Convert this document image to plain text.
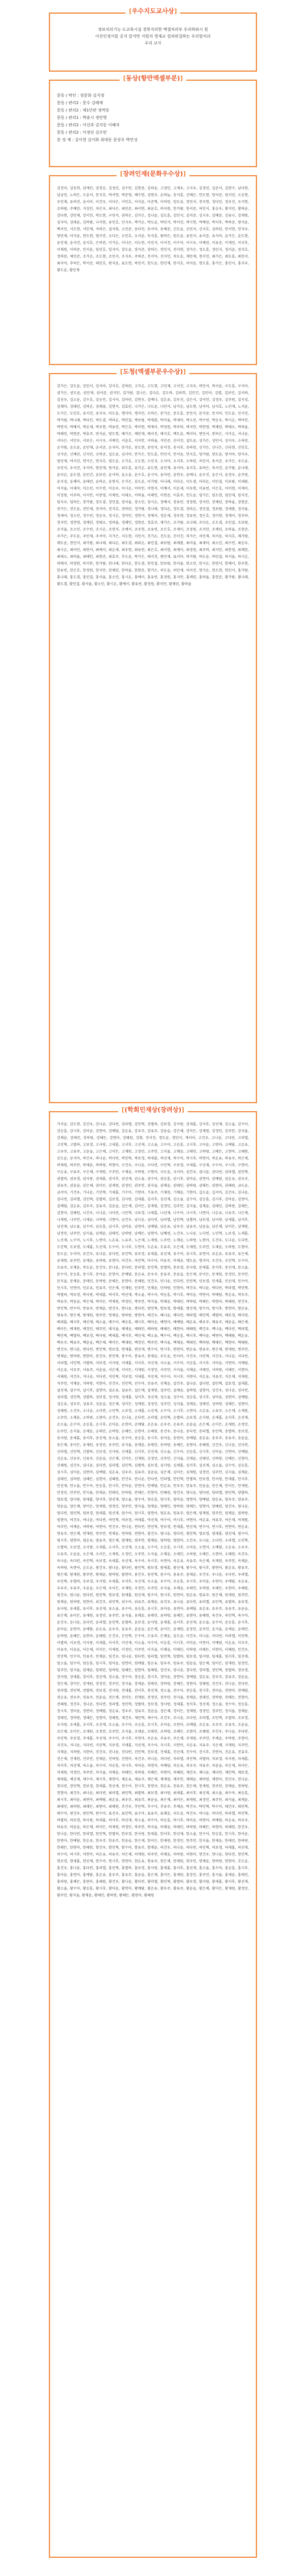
[우수지도교사상]
정보처리기능 도교육시설 경북지리한 엑셀처리부 우리하와시 원
이션인정서를 공지 앞지만 지원자 영재교 컬쳐편집하는 우리할처리
우리 교사
[동상(항만엑셀부분)]
문동 / 막인 : 정문화 김지정
문동 / 관리2 : 문수 김해재
문동 / 관리2 : 제1단판 정먹동
문동 / 관리1 : 박솔시 정민명
문동 / 관리2 : 이선과 김지동 이혜자
문동 / 관리2 : 이정린 김수민
문 정 제 : 김이현 김이화 최대동 문상우 박민성
[장려인재(문화우수상)]
김진아, 김동희, 권재민, 권정승, 김성민, 김수빈, 김현중, 김하윤, 고정민, 고재우, 고지우, 김정민, 김준서, 김현수, 남다현, 남궁민, 노하은, 도윤서, 문지호, 박서연, 박준영, 배수현, 성현우, 손하늘, 송지훈, 신예은, 안도현, 양서준, 엄지민, 오승현, 우민재, 유하진, 윤서아, 이건우, 이다은, 이민호, 이서윤, 이준혁, 이하린, 임도윤, 장민서, 전지현, 정다인, 정우진, 조서현, 조하람, 주예린, 지성민, 차은우, 최다은, 최민준, 최서연, 최윤호, 하지원, 한가람, 한서준, 허민지, 홍승우, 황지민, 황하윤, 강다현, 강민재, 강서진, 곽도현, 구민서, 권하은, 김가은, 김나윤, 김도훈, 김민지, 김서준, 김시우, 김예준, 김유나, 김재원, 김지아, 김태윤, 김하람, 나서현, 류민호, 민지우, 박가온, 박도윤, 박민서, 박서진, 박시현, 박예린, 박지후, 박하준, 방서윤, 백지민, 서도현, 서민재, 석하은, 설지원, 소민준, 송다인, 송서아, 송예준, 신도윤, 신민서, 신지호, 심하린, 안서현, 안지우, 양민재, 어지윤, 연도현, 염서진, 오다은, 오민호, 오서윤, 옥지훈, 왕하은, 원도윤, 유민서, 유서준, 유지아, 윤가은, 윤도현, 윤민재, 윤서진, 윤지호, 은하린, 이가온, 이나은, 이도현, 이민서, 이서진, 이수아, 이시우, 이예린, 이유준, 이재민, 이지후, 이채원, 이하준, 인서윤, 임민호, 임지아, 장도윤, 장서준, 장하은, 전민서, 전서현, 정가은, 정도훈, 정민지, 정서윤, 정지호, 정하린, 제민준, 조가온, 조도현, 조민서, 조지우, 주하준, 진서아, 진지민, 차도윤, 채민재, 천서진, 최가은, 최도훈, 최민서, 최지아, 추하은, 탁서준, 태민호, 편지윤, 표도현, 하민서, 한도윤, 한민재, 한지호, 허서윤, 현도훈, 홍가은, 홍민서, 홍지우, 황도윤, 황민재
[도청(엑셀부문우수상)]
강가은, 강도윤, 강민서, 강서아, 강지호, 강하린, 고가온, 고도현, 고민재, 고서진, 고지우, 곽민서, 곽서윤, 구도훈, 구지아, 권가은, 권도윤, 권민재, 권서준, 권지민, 김가람, 김나은, 김다온, 김도하, 김라희, 김민건, 김민아, 김별, 김보민, 김서하, 김선우, 김소윤, 김수호, 김승민, 김시아, 김아린, 김연우, 김예나, 김온유, 김우진, 김은서, 김이안, 김정우, 김주원, 김지성, 김채아, 김태린, 김하온, 김해솔, 김현서, 김효린, 나가은, 나도윤, 나민서, 남가온, 남도현, 남서아, 남지호, 노민재, 노서윤, 도가은, 도민호, 류서진, 류지우, 마도윤, 맹서아, 명지민, 모하은, 문가온, 문도훈, 문민서, 문서준, 문지아, 민도윤, 민서진, 박가람, 박나래, 박다인, 박도겸, 박라온, 박민결, 박보람, 박새봄, 박서율, 박세아, 박소민, 박수빈, 박승우, 박시온, 박아인, 박연서, 박예서, 박온새, 박우현, 박유빈, 박은호, 박이현, 박재이, 박정원, 박주하, 박지안, 박찬영, 박채린, 박태오, 박하율, 박해인, 박현준, 박효주, 반서윤, 방도현, 배가은, 배민재, 배서진, 배지호, 백도윤, 백서아, 변민서, 봉하은, 서가온, 서나윤, 서다은, 서민우, 서보은, 서시우, 서예진, 서윤호, 서지안, 서하율, 석민준, 선서진, 설도윤, 성가은, 성민서, 성지우, 소하린, 손가람, 손도윤, 손민재, 손서준, 손지아, 송가온, 송도현, 송민서, 송서진, 송지후, 송하린, 신가은, 신나은, 신다현, 신민호, 신서준, 신예린, 신지민, 신하준, 심도윤, 심서아, 안가은, 안도훈, 안민서, 안서윤, 안지호, 양가람, 양도윤, 양서아, 양지우, 엄민재, 여서진, 연가은, 연지호, 염도윤, 오가온, 오도현, 오민지, 오서아, 오지후, 오하린, 옥민서, 용서준, 우가은, 우도윤, 우민서, 우서진, 우지아, 원민재, 원서윤, 위도훈, 유가온, 유도현, 유민재, 유서아, 유지호, 유하은, 육서진, 윤가람, 윤나래, 윤다온, 윤도겸, 윤민건, 윤보민, 윤서하, 윤소윤, 윤수호, 윤시아, 윤아린, 윤연우, 윤예나, 윤우진, 윤은서, 윤정우, 윤주원, 윤지성, 윤채아, 윤태린, 윤하온, 윤현서, 은가은, 음도윤, 이가람, 이나래, 이다온, 이도겸, 이라온, 이민결, 이보람, 이새봄, 이서율, 이세아, 이소민, 이수빈, 이승우, 이시온, 이아인, 이연서, 이예서, 이온새, 이우현, 이유빈, 이은호, 이이현, 이재이, 이정원, 이주하, 이지안, 이찬영, 이채린, 이태오, 이하율, 이해인, 이현준, 이효주, 인도윤, 임가은, 임도현, 임민재, 임서진, 임지우, 임하은, 장가람, 장도겸, 장민결, 장서율, 장소민, 장시온, 장예서, 장유빈, 장정원, 장지안, 장채린, 장하율, 장현준, 전가은, 전도윤, 전민재, 전서아, 전지호, 전하린, 정가람, 정나래, 정다온, 정도겸, 정라온, 정민결, 정보람, 정새봄, 정서율, 정세아, 정소민, 정수빈, 정승우, 정시온, 정아인, 정연서, 정예서, 정온새, 정우현, 정유빈, 정은호, 정이현, 정재이, 정주하, 정지안, 정찬영, 정채린, 정태오, 정하율, 정해인, 정현준, 정효주, 제가은, 조가람, 조나래, 조다온, 조도겸, 조민결, 조보람, 조서율, 조소민, 조수빈, 조시온, 조연서, 조예서, 조우현, 조유빈, 조은호, 조재이, 조정원, 조지안, 조채린, 조하율, 조현준, 주가은, 주도윤, 주민재, 주서아, 지가은, 지도현, 지민서, 진가온, 진도윤, 진서진, 차가은, 차민재, 차서윤, 차지호, 채가람, 채도윤, 천민서, 최가람, 최나래, 최다온, 최도겸, 최라온, 최민결, 최보람, 최새봄, 최서율, 최세아, 최소민, 최수빈, 최승우, 최시온, 최아인, 최연서, 최예서, 최온새, 최우현, 최유빈, 최은호, 최이현, 최재이, 최정원, 최주하, 최지안, 최찬영, 최채린, 최태오, 최하율, 최해인, 최현준, 최효주, 추도윤, 탁가은, 태서진, 편민재, 표서아, 하가람, 하도윤, 하민결, 하서율, 하시온, 하예서, 하정원, 하지안, 한가람, 한나래, 한다온, 한도겸, 한민결, 한보람, 한서율, 한소민, 한시온, 한연서, 한예서, 한우현, 한유빈, 한은호, 한정원, 한지안, 한채린, 한하율, 한현준, 함가은, 허도윤, 허민재, 허서진, 현가온, 현도현, 현민서, 홍가람, 홍나래, 홍도겸, 홍민결, 홍서율, 홍소민, 홍시온, 홍예서, 홍유빈, 홍정원, 홍지안, 홍채린, 홍하율, 홍현준, 황가람, 황나래, 황도겸, 황민결, 황서율, 황소민, 황시온, 황예서, 황유빈, 황정원, 황지안, 황채린, 황하율
[(학회인재상(장려상)]
가서윤, 감도현, 강건우, 강나윤, 강다빈, 강라엘, 강민혁, 강별하, 강보경, 강사랑, 강새롬, 강서후, 강선재, 강소율, 강수아, 강승훈, 강시후, 강아윤, 강연아, 강예담, 강온유, 강우주, 강유주, 강윤슬, 강은채, 강이든, 강재원, 강정민, 강주안, 강지율, 강채윤, 강태민, 강하랑, 강해든, 강현아, 강혜원, 강휘, 견서진, 경도윤, 경민서, 계서아, 고건우, 고나윤, 고다빈, 고라엘, 고민혁, 고별하, 고보경, 고사랑, 고새롬, 고서후, 고선재, 고소율, 고수아, 고승훈, 고시후, 고아윤, 고연아, 고예담, 고온유, 고우주, 고유주, 고윤슬, 고은채, 고이든, 고재원, 고정민, 고주안, 고지율, 고채윤, 고태민, 고하랑, 고해든, 고현아, 고혜원, 공도윤, 공서아, 곽건우, 곽나윤, 곽다빈, 곽민혁, 곽보경, 곽새롬, 곽선재, 곽수아, 곽시후, 곽연아, 곽온유, 곽유주, 곽은채, 곽재원, 곽주안, 곽채윤, 곽하랑, 곽현아, 구건우, 구나윤, 구다빈, 구민혁, 구보경, 구새롬, 구선재, 구수아, 구시후, 구연아, 구온유, 구유주, 구은채, 구재원, 구주안, 구채윤, 구하랑, 구현아, 국도윤, 국서아, 권건우, 권나윤, 권다빈, 권라엘, 권민혁, 권별하, 권보경, 권사랑, 권새롬, 권서후, 권선재, 권소율, 권수아, 권승훈, 권시후, 권아윤, 권연아, 권예담, 권온유, 권우주, 권유주, 권윤슬, 권은채, 권이든, 권재원, 권정민, 권주안, 권지율, 권채윤, 권태민, 권하랑, 권해든, 권현아, 권혜원, 금도윤, 금서아, 기건우, 기나윤, 기민혁, 기새롬, 기수아, 기연아, 기유주, 기재원, 기채윤, 기현아, 길도윤, 길서아, 김건우, 김나윤, 김다빈, 김라엘, 김민혁, 김별하, 김보경, 김사랑, 김새롬, 김서후, 김선재, 김소율, 김수아, 김승훈, 김시후, 김아윤, 김연아, 김예담, 김온유, 김우주, 김유주, 김윤슬, 김은채, 김이든, 김재원, 김정민, 김주안, 김지율, 김채윤, 김태민, 김하랑, 김해든, 김현아, 김혜원, 나건우, 나나윤, 나다빈, 나민혁, 나보경, 나새롬, 나선재, 나수아, 나시후, 나연아, 나온유, 나유주, 나은채, 나재원, 나주안, 나채윤, 나하랑, 나현아, 남건우, 남나윤, 남다빈, 남라엘, 남민혁, 남별하, 남보경, 남사랑, 남새롬, 남서후, 남선재, 남소율, 남수아, 남승훈, 남시후, 남아윤, 남연아, 남예담, 남온유, 남우주, 남유주, 남윤슬, 남은채, 남이든, 남재원, 남정민, 남주안, 남지율, 남채윤, 남태민, 남하랑, 남해든, 남현아, 남혜원, 노건우, 노나윤, 노다빈, 노민혁, 노보경, 노새롬, 노선재, 노수아, 노시후, 노연아, 노온유, 노유주, 노은채, 노재원, 노주안, 노채윤, 노하랑, 노현아, 도건우, 도나윤, 도다빈, 도민혁, 도보경, 도새롬, 도선재, 도수아, 도시후, 도연아, 도온유, 도유주, 도은채, 도재원, 도주안, 도채윤, 도하랑, 도현아, 동도윤, 두서아, 류건우, 류나윤, 류다빈, 류민혁, 류보경, 류새롬, 류선재, 류수아, 류시후, 류연아, 류온유, 류유주, 류은채, 류재원, 류주안, 류채윤, 류하랑, 류현아, 마건우, 마민혁, 마수아, 마유주, 마채윤, 맹도윤, 명서아, 모건우, 모민혁, 모수아, 모유주, 모채윤, 목도윤, 문건우, 문나윤, 문다빈, 문라엘, 문민혁, 문별하, 문보경, 문사랑, 문새롬, 문서후, 문선재, 문소율, 문수아, 문승훈, 문시후, 문아윤, 문연아, 문예담, 문온유, 문우주, 문유주, 문윤슬, 문은채, 문이든, 문재원, 문정민, 문주안, 문지율, 문채윤, 문태민, 문하랑, 문해든, 문현아, 문혜원, 민건우, 민나윤, 민다빈, 민민혁, 민보경, 민새롬, 민선재, 민수아, 민시후, 민연아, 민온유, 민유주, 민은채, 민재원, 민주안, 민채윤, 민하랑, 민현아, 박건우, 박나윤, 박다빈, 박라엘, 박민혁, 박별하, 박보경, 박사랑, 박새롬, 박서후, 박선재, 박소율, 박수아, 박승훈, 박시후, 박아윤, 박연아, 박예담, 박온유, 박우주, 박유주, 박윤슬, 박은채, 박이든, 박재원, 박정민, 박주안, 박지율, 박채윤, 박태민, 박하랑, 박해든, 박현아, 박혜원, 반건우, 반민혁, 반수아, 반유주, 반채윤, 방건우, 방나윤, 방다빈, 방민혁, 방보경, 방새롬, 방선재, 방수아, 방시후, 방연아, 방온유, 방유주, 방은채, 방재원, 방주안, 방채윤, 방하랑, 방현아, 배건우, 배나윤, 배다빈, 배라엘, 배민혁, 배별하, 배보경, 배사랑, 배새롬, 배서후, 배선재, 배소율, 배수아, 배승훈, 배시후, 배아윤, 배연아, 배예담, 배온유, 배우주, 배유주, 배윤슬, 배은채, 배이든, 배재원, 배정민, 배주안, 배지율, 배채윤, 배태민, 배하랑, 배해든, 배현아, 배혜원, 백건우, 백나윤, 백다빈, 백라엘, 백민혁, 백별하, 백보경, 백사랑, 백새롬, 백서후, 백선재, 백소율, 백수아, 백승훈, 백시후, 백아윤, 백연아, 백예담, 백온유, 백우주, 백유주, 백윤슬, 백은채, 백이든, 백재원, 백정민, 백주안, 백지율, 백채윤, 백태민, 백하랑, 백해든, 백현아, 백혜원, 변건우, 변나윤, 변다빈, 변민혁, 변보경, 변새롬, 변선재, 변수아, 변시후, 변연아, 변온유, 변유주, 변은채, 변재원, 변주안, 변채윤, 변하랑, 변현아, 봉건우, 봉민혁, 봉수아, 봉유주, 봉채윤, 부도윤, 빈서아, 사건우, 사민혁, 서건우, 서나윤, 서다빈, 서라엘, 서민혁, 서별하, 서보경, 서사랑, 서새롬, 서서후, 서선재, 서소율, 서수아, 서승훈, 서시후, 서아윤, 서연아, 서예담, 서온유, 서우주, 서유주, 서윤슬, 서은채, 서이든, 서재원, 서정민, 서주안, 서지율, 서채윤, 서태민, 서하랑, 서해든, 서현아, 서혜원, 석건우, 석나윤, 석다빈, 석민혁, 석보경, 석새롬, 석선재, 석수아, 석시후, 석연아, 석온유, 석유주, 석은채, 석재원, 석주안, 석채윤, 석하랑, 석현아, 선건우, 선민혁, 선수아, 선유주, 선채윤, 설건우, 설나윤, 설다빈, 설민혁, 설보경, 설새롬, 설선재, 설수아, 설시후, 설연아, 설온유, 설유주, 설은채, 설재원, 설주안, 설채윤, 설하랑, 설현아, 성건우, 성나윤, 성다빈, 성라엘, 성민혁, 성별하, 성보경, 성사랑, 성새롬, 성서후, 성선재, 성소율, 성수아, 성승훈, 성시후, 성아윤, 성연아, 성예담, 성온유, 성우주, 성유주, 성윤슬, 성은채, 성이든, 성재원, 성정민, 성주안, 성지율, 성채윤, 성태민, 성하랑, 성해든, 성현아, 성혜원, 소건우, 소나윤, 소다빈, 소민혁, 소보경, 소새롬, 소선재, 소수아, 소시후, 소연아, 소온유, 소유주, 소은채, 소재원, 소주안, 소채윤, 소하랑, 소현아, 손건우, 손나윤, 손다빈, 손라엘, 손민혁, 손별하, 손보경, 손사랑, 손새롬, 손서후, 손선재, 손소율, 손수아, 손승훈, 손시후, 손아윤, 손연아, 손예담, 손온유, 손우주, 손유주, 손윤슬, 손은채, 손이든, 손재원, 손정민, 손주안, 손지율, 손채윤, 손태민, 손하랑, 손해든, 손현아, 손혜원, 송건우, 송나윤, 송다빈, 송라엘, 송민혁, 송별하, 송보경, 송사랑, 송새롬, 송서후, 송선재, 송소율, 송수아, 송승훈, 송시후, 송아윤, 송연아, 송예담, 송온유, 송우주, 송유주, 송윤슬, 송은채, 송이든, 송재원, 송정민, 송주안, 송지율, 송채윤, 송태민, 송하랑, 송해든, 송현아, 송혜원, 신건우, 신나윤, 신다빈, 신라엘, 신민혁, 신별하, 신보경, 신사랑, 신새롬, 신서후, 신선재, 신소율, 신수아, 신승훈, 신시후, 신아윤, 신연아, 신예담, 신온유, 신우주, 신유주, 신윤슬, 신은채, 신이든, 신재원, 신정민, 신주안, 신지율, 신채윤, 신태민, 신하랑, 신해든, 신현아, 신혜원, 심건우, 심나윤, 심다빈, 심라엘, 심민혁, 심별하, 심보경, 심사랑, 심새롬, 심서후, 심선재, 심소율, 심수아, 심승훈, 심시후, 심아윤, 심연아, 심예담, 심온유, 심우주, 심유주, 심윤슬, 심은채, 심이든, 심재원, 심정민, 심주안, 심지율, 심채윤, 심태민, 심하랑, 심해든, 심현아, 심혜원, 안건우, 안나윤, 안다빈, 안라엘, 안민혁, 안별하, 안보경, 안사랑, 안새롬, 안서후, 안선재, 안소율, 안수아, 안승훈, 안시후, 안아윤, 안연아, 안예담, 안온유, 안우주, 안유주, 안윤슬, 안은채, 안이든, 안재원, 안정민, 안주안, 안지율, 안채윤, 안태민, 안하랑, 안해든, 안현아, 안혜원, 양건우, 양나윤, 양다빈, 양라엘, 양민혁, 양별하, 양보경, 양사랑, 양새롬, 양서후, 양선재, 양소율, 양수아, 양승훈, 양시후, 양아윤, 양연아, 양예담, 양온유, 양우주, 양유주, 양윤슬, 양은채, 양이든, 양재원, 양정민, 양주안, 양지율, 양채윤, 양태민, 양하랑, 양해든, 양현아, 양혜원, 엄건우, 엄나윤, 엄다빈, 엄민혁, 엄보경, 엄새롬, 엄선재, 엄수아, 엄시후, 엄연아, 엄온유, 엄유주, 엄은채, 엄재원, 엄주안, 엄채윤, 엄하랑, 엄현아, 여건우, 여나윤, 여다빈, 여민혁, 여보경, 여새롬, 여선재, 여수아, 여시후, 여연아, 여온유, 여유주, 여은채, 여재원, 여주안, 여채윤, 여하랑, 여현아, 연건우, 연나윤, 연다빈, 연민혁, 연보경, 연새롬, 연선재, 연수아, 연시후, 연연아, 연온유, 연유주, 연은채, 연재원, 연주안, 연채윤, 연하랑, 연현아, 염건우, 염나윤, 염다빈, 염민혁, 염보경, 염새롬, 염선재, 염수아, 염시후, 염연아, 염온유, 염유주, 염은채, 염재원, 염주안, 염채윤, 염하랑, 염현아, 오건우, 오나윤, 오다빈, 오라엘, 오민혁, 오별하, 오보경, 오사랑, 오새롬, 오서후, 오선재, 오소율, 오수아, 오승훈, 오시후, 오아윤, 오연아, 오예담, 오온유, 오우주, 오유주, 오윤슬, 오은채, 오이든, 오재원, 오정민, 오주안, 오지율, 오채윤, 오태민, 오하랑, 오해든, 오현아, 오혜원, 옥건우, 옥나윤, 옥다빈, 옥민혁, 옥보경, 옥새롬, 옥선재, 옥수아, 옥시후, 옥연아, 옥온유, 옥유주, 옥은채, 옥재원, 옥주안, 옥채윤, 옥하랑, 옥현아, 온도윤, 왕건우, 왕나윤, 왕다빈, 왕민혁, 왕보경, 왕새롬, 왕선재, 왕수아, 왕시후, 왕연아, 왕온유, 왕유주, 왕은채, 왕재원, 왕주안, 왕채윤, 왕하랑, 왕현아, 용건우, 용민혁, 용수아, 용유주, 용채윤, 우건우, 우나윤, 우다빈, 우라엘, 우민혁, 우별하, 우보경, 우사랑, 우새롬, 우서후, 우선재, 우소율, 우수아, 우승훈, 우시후, 우아윤, 우연아, 우예담, 우온유, 우우주, 우유주, 우윤슬, 우은채, 우이든, 우재원, 우정민, 우주안, 우지율, 우채윤, 우태민, 우하랑, 우해든, 우현아, 우혜원, 원건우, 원나윤, 원다빈, 원민혁, 원보경, 원새롬, 원선재, 원수아, 원시후, 원연아, 원온유, 원유주, 원은채, 원재원, 원주안, 원채윤, 원하랑, 원현아, 위건우, 위민혁, 위수아, 위유주, 위채윤, 유건우, 유나윤, 유다빈, 유라엘, 유민혁, 유별하, 유보경, 유사랑, 유새롬, 유서후, 유선재, 유소율, 유수아, 유승훈, 유시후, 유아윤, 유연아, 유예담, 유온유, 유우주, 유유주, 유윤슬, 유은채, 유이든, 유재원, 유정민, 유주안, 유지율, 유채윤, 유태민, 유하랑, 유해든, 유현아, 유혜원, 육건우, 육민혁, 육수아, 윤건우, 윤나윤, 윤다빈, 윤라엘, 윤민혁, 윤별하, 윤보경, 윤사랑, 윤새롬, 윤서후, 윤선재, 윤소율, 윤수아, 윤승훈, 윤시후, 윤아윤, 윤연아, 윤예담, 윤온유, 윤우주, 윤유주, 윤윤슬, 윤은채, 윤이든, 윤재원, 윤정민, 윤주안, 윤지율, 윤채윤, 윤태민, 윤하랑, 윤해든, 윤현아, 윤혜원, 은건우, 은민혁, 은수아, 은유주, 은채윤, 음도윤, 이건우, 이나윤, 이다빈, 이라엘, 이민혁, 이별하, 이보경, 이사랑, 이새롬, 이서후, 이선재, 이소율, 이수아, 이승훈, 이시후, 이아윤, 이연아, 이예담, 이온유, 이우주, 이유주, 이윤슬, 이은채, 이이든, 이재원, 이정민, 이주안, 이지율, 이채윤, 이태민, 이하랑, 이해든, 이현아, 이혜원, 인건우, 인민혁, 인수아, 인유주, 인채윤, 임건우, 임나윤, 임다빈, 임라엘, 임민혁, 임별하, 임보경, 임사랑, 임새롬, 임서후, 임선재, 임소율, 임수아, 임승훈, 임시후, 임아윤, 임연아, 임예담, 임온유, 임우주, 임유주, 임윤슬, 임은채, 임이든, 임재원, 임정민, 임주안, 임지율, 임채윤, 임태민, 임하랑, 임해든, 임현아, 임혜원, 장건우, 장나윤, 장다빈, 장라엘, 장민혁, 장별하, 장보경, 장사랑, 장새롬, 장서후, 장선재, 장소율, 장수아, 장승훈, 장시후, 장아윤, 장연아, 장예담, 장온유, 장우주, 장유주, 장윤슬, 장은채, 장이든, 장재원, 장정민, 장주안, 장지율, 장채윤, 장태민, 장하랑, 장해든, 장현아, 장혜원, 전건우, 전나윤, 전다빈, 전라엘, 전민혁, 전별하, 전보경, 전사랑, 전새롬, 전서후, 전선재, 전소율, 전수아, 전승훈, 전시후, 전아윤, 전연아, 전예담, 전온유, 전우주, 전유주, 전윤슬, 전은채, 전이든, 전재원, 전정민, 전주안, 전지율, 전채윤, 전태민, 전하랑, 전해든, 전현아, 전혜원, 정건우, 정나윤, 정다빈, 정라엘, 정민혁, 정별하, 정보경, 정사랑, 정새롬, 정서후, 정선재, 정소율, 정수아, 정승훈, 정시후, 정아윤, 정연아, 정예담, 정온유, 정우주, 정유주, 정윤슬, 정은채, 정이든, 정재원, 정정민, 정주안, 정지율, 정채윤, 정태민, 정하랑, 정해든, 정현아, 정혜원, 제건우, 제민혁, 제수아, 조건우, 조나윤, 조다빈, 조라엘, 조민혁, 조별하, 조보경, 조사랑, 조새롬, 조서후, 조선재, 조소율, 조수아, 조승훈, 조시후, 조아윤, 조연아, 조예담, 조온유, 조우주, 조유주, 조윤슬, 조은채, 조이든, 조재원, 조정민, 조주안, 조지율, 조채윤, 조태민, 조하랑, 조해든, 조현아, 조혜원, 주건우, 주나윤, 주다빈, 주민혁, 주보경, 주새롬, 주선재, 주수아, 주시후, 주연아, 주온유, 주유주, 주은채, 주재원, 주주안, 주채윤, 주하랑, 주현아, 지건우, 지나윤, 지다빈, 지민혁, 지보경, 지새롬, 지선재, 지수아, 지시후, 지연아, 지온유, 지유주, 지은채, 지재원, 지주안, 지채윤, 지하랑, 지현아, 진건우, 진나윤, 진다빈, 진민혁, 진보경, 진새롬, 진선재, 진수아, 진시후, 진연아, 진온유, 진유주, 진은채, 진재원, 진주안, 진채윤, 진하랑, 진현아, 차건우, 차나윤, 차다빈, 차라엘, 차민혁, 차별하, 차보경, 차사랑, 차새롬, 차서후, 차선재, 차소율, 차수아, 차승훈, 차시후, 차아윤, 차연아, 차예담, 차온유, 차우주, 차유주, 차윤슬, 차은채, 차이든, 차재원, 차정민, 차주안, 차지율, 차채윤, 차태민, 차하랑, 차해든, 차현아, 차혜원, 채건우, 채나윤, 채다빈, 채민혁, 채보경, 채새롬, 채선재, 채수아, 채시후, 채연아, 채온유, 채유주, 채은채, 채재원, 채주안, 채채윤, 채하랑, 채현아, 천건우, 천나윤, 천다빈, 천민혁, 천보경, 천새롬, 천선재, 천수아, 천시후, 천연아, 천온유, 천유주, 천은채, 천재원, 천주안, 천채윤, 천하랑, 천현아, 최건우, 최나윤, 최다빈, 최라엘, 최민혁, 최별하, 최보경, 최사랑, 최새롬, 최서후, 최선재, 최소율, 최수아, 최승훈, 최시후, 최아윤, 최연아, 최예담, 최온유, 최우주, 최유주, 최윤슬, 최은채, 최이든, 최재원, 최정민, 최주안, 최지율, 최채윤, 최태민, 최하랑, 최해든, 최현아, 최혜원, 추건우, 추민혁, 추수아, 추유주, 추채윤, 탁건우, 탁민혁, 탁수아, 태건우, 태민혁, 태수아, 편건우, 편민혁, 편수아, 표건우, 표민혁, 표수아, 표유주, 표채윤, 피도윤, 하건우, 하나윤, 하다빈, 하라엘, 하민혁, 하별하, 하보경, 하사랑, 하새롬, 하서후, 하선재, 하소율, 하수아, 하승훈, 하시후, 하아윤, 하연아, 하예담, 하온유, 하우주, 하유주, 하윤슬, 하은채, 하이든, 하재원, 하정민, 하주안, 하지율, 하채윤, 하태민, 하하랑, 하해든, 하현아, 하혜원, 한건우, 한나윤, 한다빈, 한라엘, 한민혁, 한별하, 한보경, 한사랑, 한새롬, 한서후, 한선재, 한소율, 한수아, 한승훈, 한시후, 한아윤, 한연아, 한예담, 한온유, 한우주, 한유주, 한윤슬, 한은채, 한이든, 한재원, 한정민, 한주안, 한지율, 한채윤, 한태민, 한하랑, 한해든, 한현아, 한혜원, 함건우, 함민혁, 함수아, 함유주, 함채윤, 허건우, 허나윤, 허다빈, 허민혁, 허보경, 허새롬, 허선재, 허수아, 허시후, 허연아, 허온유, 허유주, 허은채, 허재원, 허주안, 허채윤, 허하랑, 허현아, 현건우, 현나윤, 현다빈, 현민혁, 현보경, 현새롬, 현선재, 현수아, 현시후, 현연아, 현온유, 현유주, 현은채, 현재원, 현주안, 현채윤, 현하랑, 현현아, 호도윤, 홍건우, 홍나윤, 홍다빈, 홍라엘, 홍민혁, 홍별하, 홍보경, 홍사랑, 홍새롬, 홍서후, 홍선재, 홍소율, 홍수아, 홍승훈, 홍시후, 홍아윤, 홍연아, 홍예담, 홍온유, 홍우주, 홍유주, 홍윤슬, 홍은채, 홍이든, 홍재원, 홍정민, 홍주안, 홍지율, 홍채윤, 홍태민, 홍하랑, 홍해든, 홍현아, 홍혜원, 황건우, 황나윤, 황다빈, 황라엘, 황민혁, 황별하, 황보경, 황사랑, 황새롬, 황서후, 황선재, 황소율, 황수아, 황승훈, 황시후, 황아윤, 황연아, 황예담, 황온유, 황우주, 황유주, 황윤슬, 황은채, 황이든, 황재원, 황정민, 황주안, 황지율, 황채윤, 황태민, 황하랑, 황해든, 황현아, 황혜원
